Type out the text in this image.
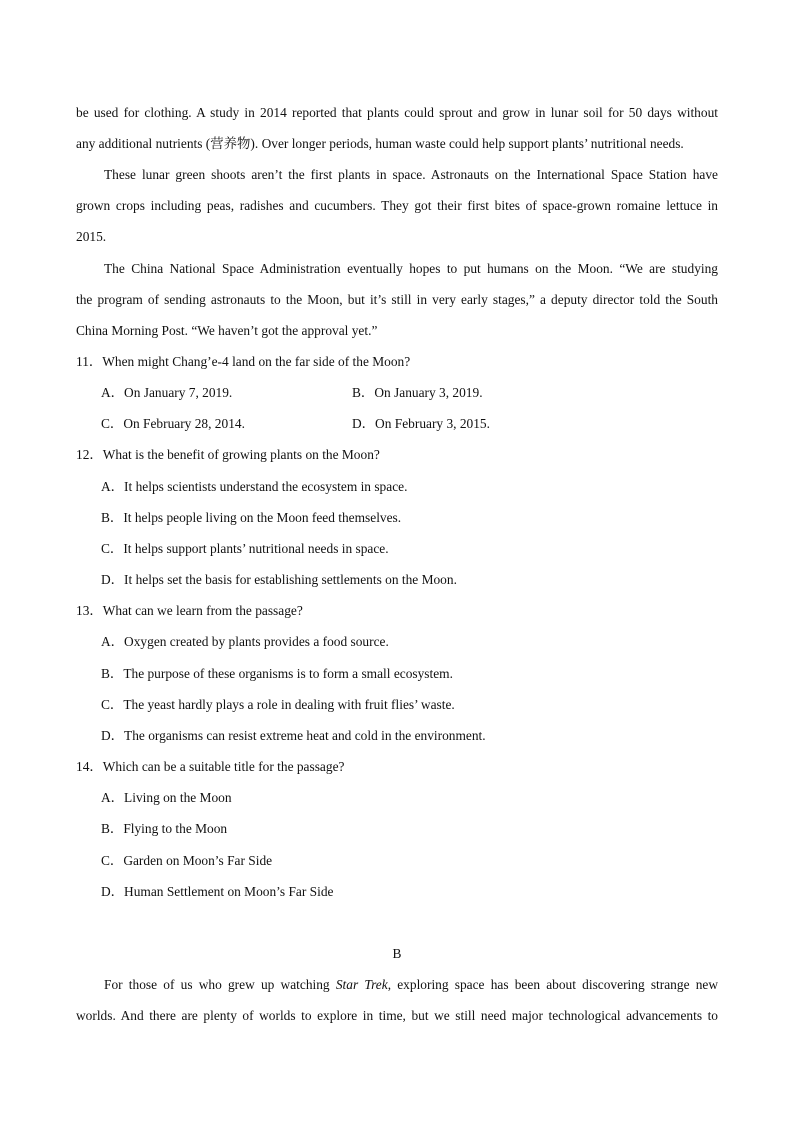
be used for clothing. A study in 2014 reported that plants could sprout and grow in lunar soil for 50 days without
any additional nutrients (营养物). Over longer periods, human waste could help support plants’ nutritional needs.
These lunar green shoots aren’t the first plants in space. Astronauts on the International Space Station have
grown crops including peas, radishes and cucumbers. They got their first bites of space-grown romaine lettuce in
2015.
The China National Space Administration eventually hopes to put humans on the Moon. “We are studying
the program of sending astronauts to the Moon, but it’s still in very early stages,” a deputy director told the South
China Morning Post. “We haven’t got the approval yet.”
11．When might Chang’e-4 land on the far side of the Moon?
A．On January 7, 2019.	B．On January 3, 2019.
C．On February 28, 2014.	D．On February 3, 2015.
12．What is the benefit of growing plants on the Moon?
A．It helps scientists understand the ecosystem in space.
B．It helps people living on the Moon feed themselves.
C．It helps support plants’ nutritional needs in space.
D．It helps set the basis for establishing settlements on the Moon.
13．What can we learn from the passage?
A．Oxygen created by plants provides a food source.
B．The purpose of these organisms is to form a small ecosystem.
C．The yeast hardly plays a role in dealing with fruit flies’ waste.
D．The organisms can resist extreme heat and cold in the environment.
14．Which can be a suitable title for the passage?
A．Living on the Moon
B．Flying to the Moon
C．Garden on Moon’s Far Side
D．Human Settlement on Moon’s Far Side
B
For those of us who grew up watching Star Trek, exploring space has been about discovering strange new
worlds. And there are plenty of worlds to explore in time, but we still need major technological advancements to
